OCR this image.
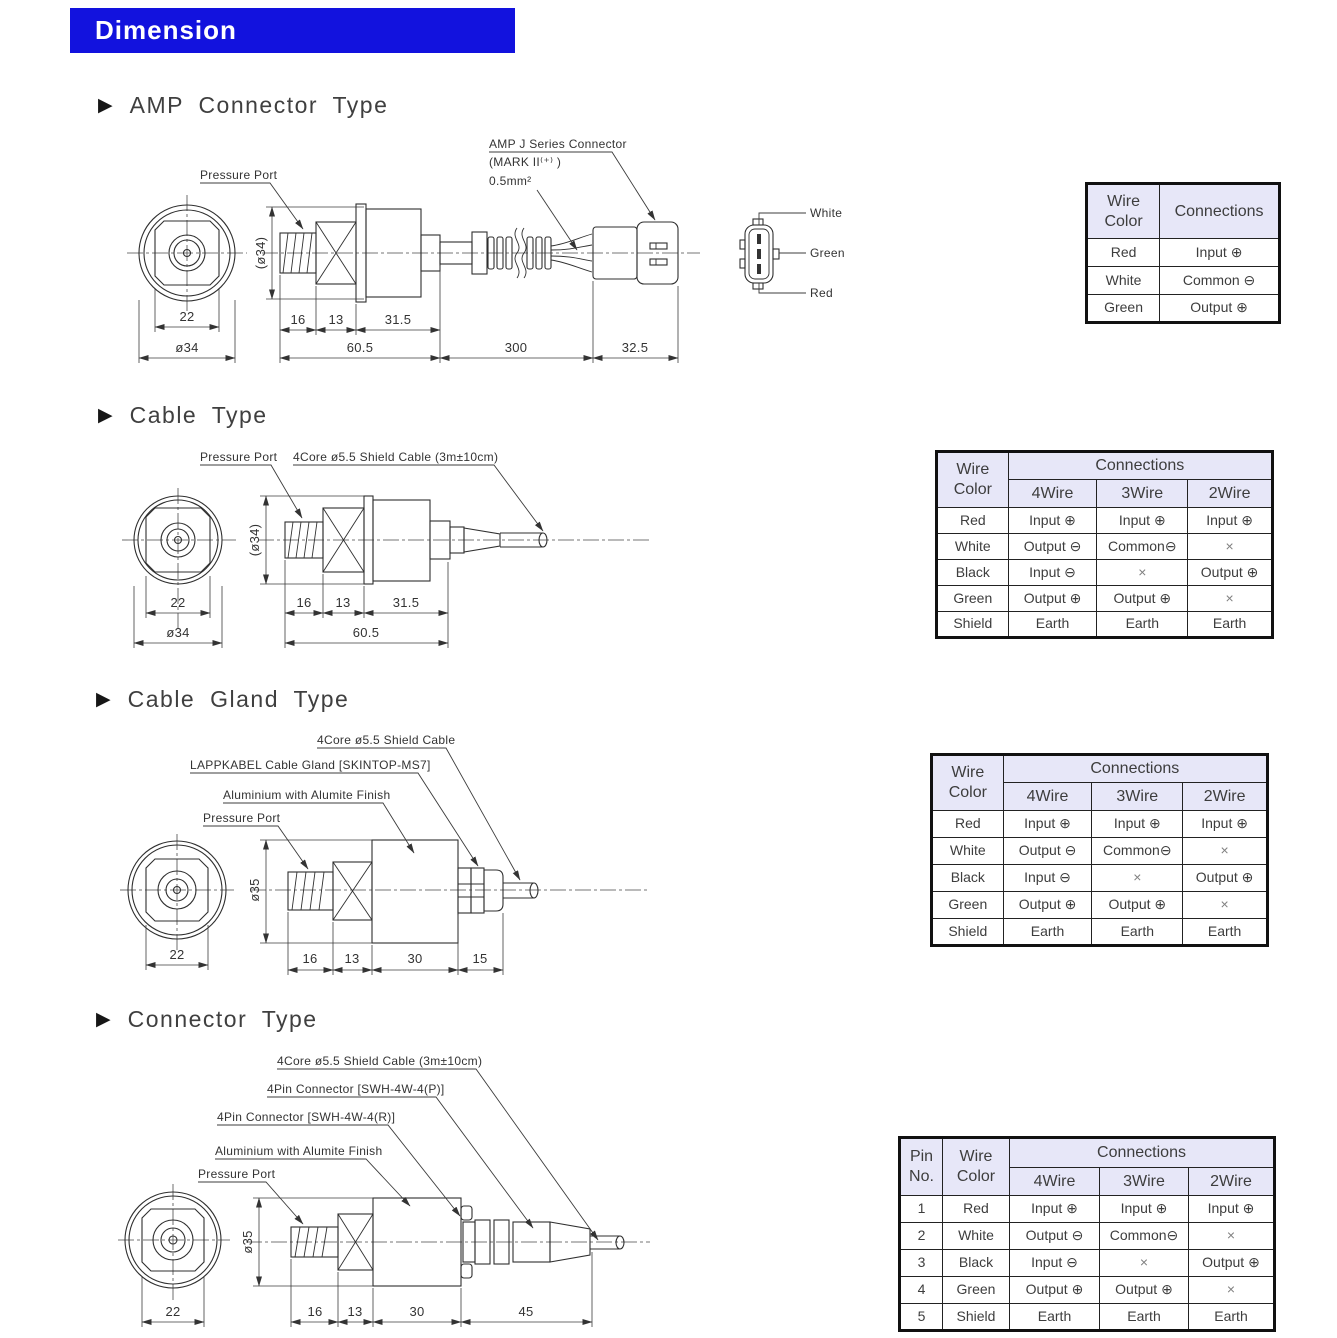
Dimension
▶ AMP Connector Type
White
Green
Red
Pressure Port
AMP J Series Connector
(MARK II⁽⁺⁾ )
0.5mm²
22
ø34
(ø34)
16 13	31.5
60.5	300	32.5
Wire Color	Connections
Red	Input ⊕
White	Common ⊖
Green	Output ⊕
▶ Cable Type
Pressure Port 4Core ø5.5 Shield Cable (3m±10cm)
22
ø34
(ø34)
16 13	31.5
60.5
Wire Color	Connections		
	4Wire	3Wire	2Wire
Red	Input ⊕	Input ⊕	Input ⊕
White	Output ⊖	Common⊖	×
Black	Input ⊖	×	Output ⊕
Green	Output ⊕	Output ⊕	×
Shield	Earth	Earth	Earth
▶ Cable Gland Type
4Core ø5.5 Shield Cable
LAPPKABEL Cable Gland [SKINTOP-MS7]
Aluminium with Alumite Finish
Pressure Port
22
ø35
16 13	30	15
Wire Color	Connections		
	4Wire	3Wire	2Wire
Red	Input ⊕	Input ⊕	Input ⊕
White	Output ⊖	Common⊖	×
Black	Input ⊖	×	Output ⊕
Green	Output ⊕	Output ⊕	×
Shield	Earth	Earth	Earth
▶ Connector Type
4Core ø5.5 Shield Cable (3m±10cm)
4Pin Connector [SWH-4W-4(P)]
4Pin Connector [SWH-4W-4(R)]
Aluminium with Alumite Finish
Pressure Port
22
ø35
16 13	30	45
Pin No.	Wire Color	Connections		
		4Wire	3Wire	2Wire
1	Red	Input ⊕	Input ⊕	Input ⊕
2	White	Output ⊖	Common⊖	×
3	Black	Input ⊖	×	Output ⊕
4	Green	Output ⊕	Output ⊕	×
5	Shield	Earth	Earth	Earth
